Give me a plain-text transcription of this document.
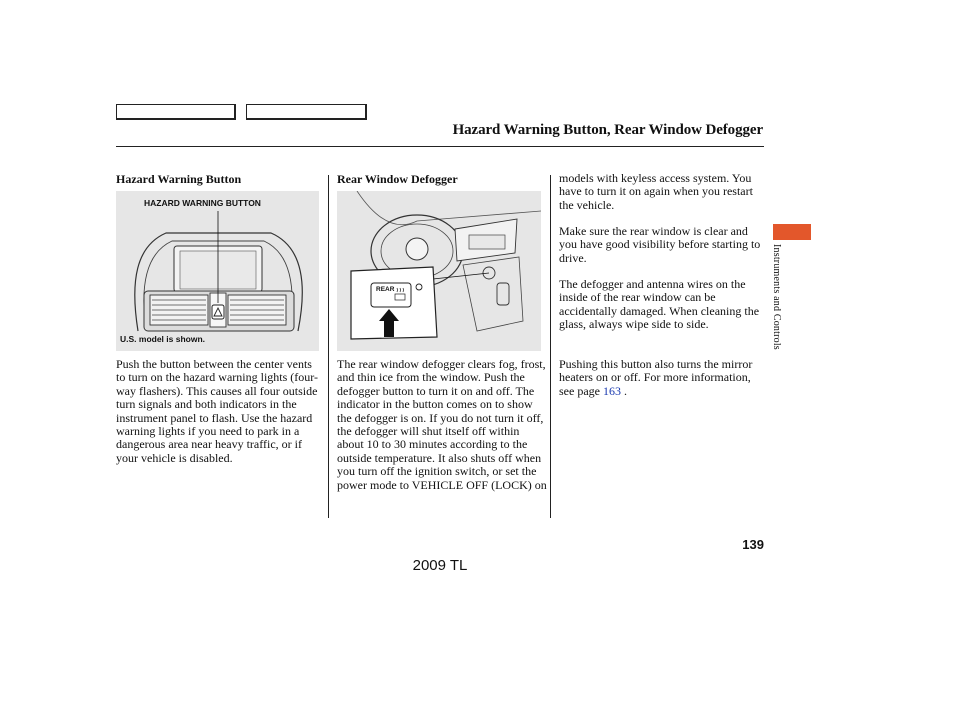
Hazard Warning Button, Rear Window Defogger
Hazard Warning Button
HAZARD WARNING BUTTON
U.S. model is shown.

Push the button between the center vents to turn on the hazard warning lights (four-way flashers). This causes all four outside turn signals and both indicators in the instrument panel to flash. Use the hazard warning lights if you need to park in a dangerous area near heavy traffic, or if your vehicle is disabled.

Rear Window Defogger
REAR

The rear window defogger clears fog, frost, and thin ice from the window. Push the defogger button to turn it on and off. The indicator in the button comes on to show the defogger is on. If you do not turn it off, the defogger will shut itself off within about 10 to 30 minutes according to the outside temperature. It also shuts off when you turn off the ignition switch, or set the power mode to VEHICLE OFF (LOCK) on

models with keyless access system. You have to turn it on again when you restart the vehicle.

Make sure the rear window is clear and you have good visibility before starting to drive.

The defogger and antenna wires on the inside of the rear window can be accidentally damaged. When cleaning the glass, always wipe side to side.

Pushing this button also turns the mirror heaters on or off. For more information, see page 163 .

Instruments and Controls
139
2009 TL
